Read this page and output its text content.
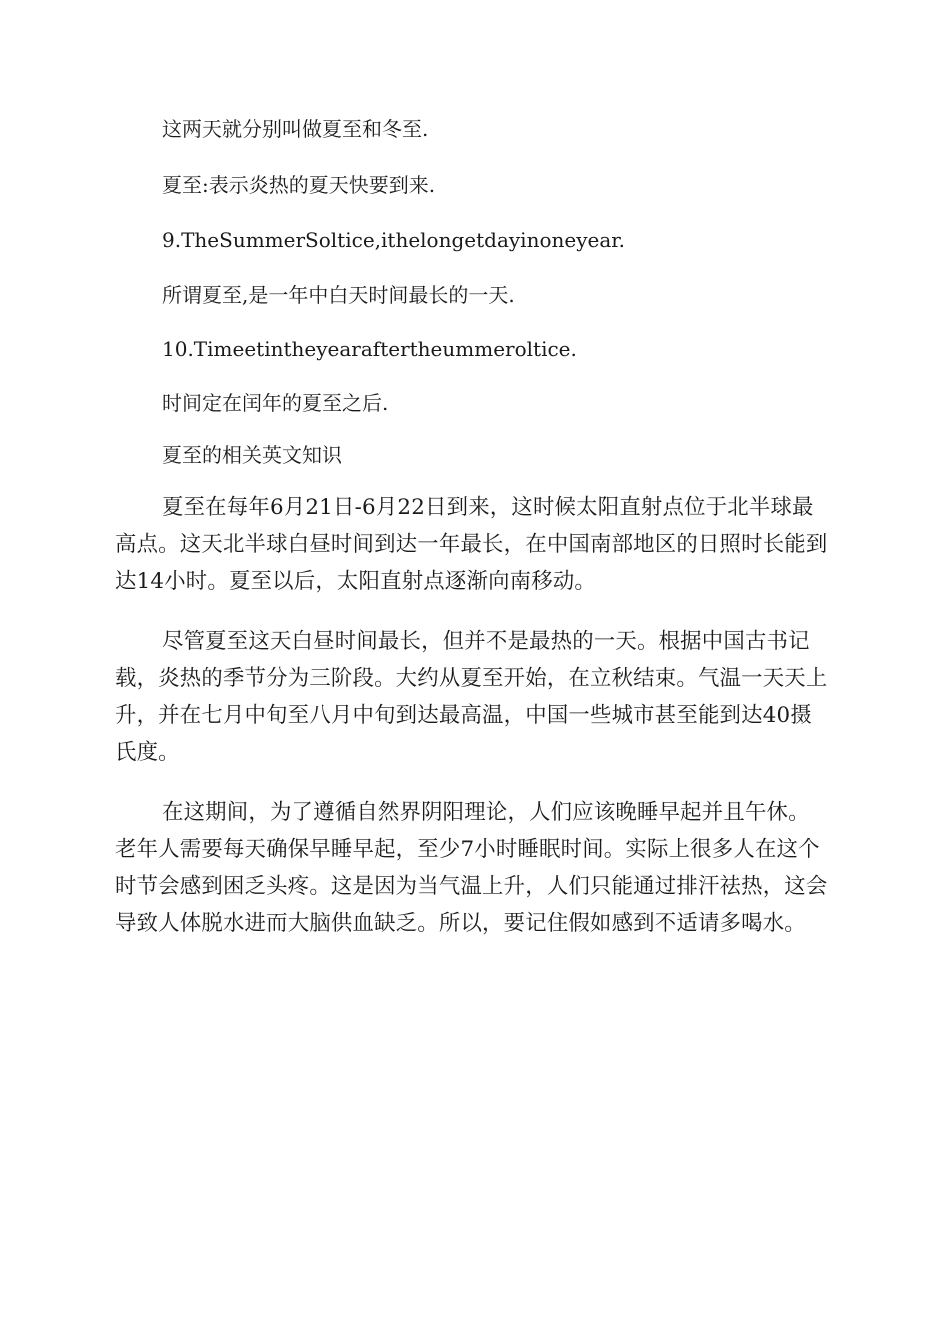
这两天就分别叫做夏至和冬至.
夏至:表示炎热的夏天快要到来.
9.TheSummerSoltice,ithelongetdayinoneyear.
所谓夏至,是一年中白天时间最长的一天.
10.Timeetintheyearaftertheummeroltice.
时间定在闰年的夏至之后.
夏至的相关英文知识

夏至在每年6月21日-6月22日到来，这时候太阳直射点位于北半球最高点。这天北半球白昼时间到达一年最长，在中国南部地区的日照时长能到达14小时。夏至以后，太阳直射点逐渐向南移动。

尽管夏至这天白昼时间最长，但并不是最热的一天。根据中国古书记载，炎热的季节分为三阶段。大约从夏至开始，在立秋结束。气温一天天上升，并在七月中旬至八月中旬到达最高温，中国一些城市甚至能到达40摄氏度。

在这期间，为了遵循自然界阴阳理论，人们应该晚睡早起并且午休。老年人需要每天确保早睡早起，至少7小时睡眠时间。实际上很多人在这个时节会感到困乏头疼。这是因为当气温上升，人们只能通过排汗祛热，这会导致人体脱水进而大脑供血缺乏。所以，要记住假如感到不适请多喝水。
